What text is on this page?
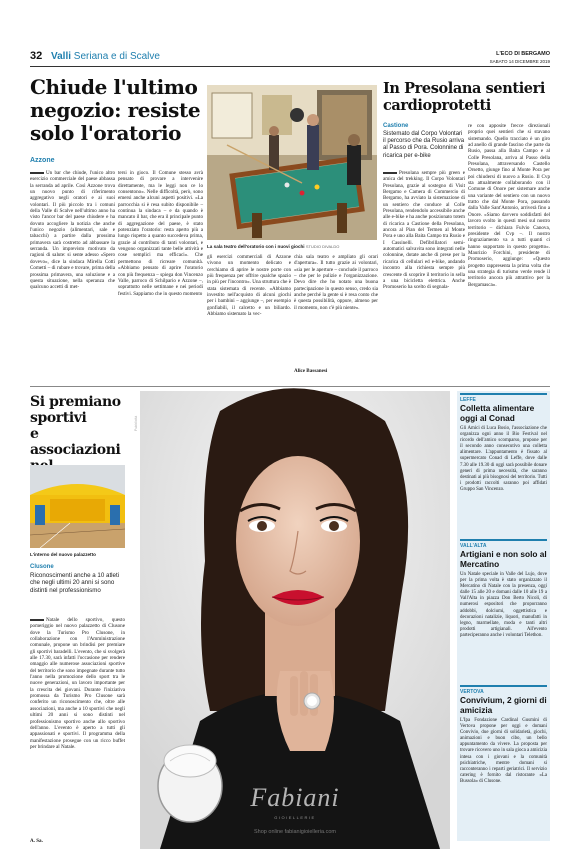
32 Valli Seriana e di Scalve	L'ECO DI BERGAMO
SABATO 14 DICEMBRE 2019
Chiude l'ultimo
negozio: resiste
solo l'oratorio
Azzone
Un bar che chiude, l'unico altro esercizio commerciale del paese abbassa la serranda ad aprile. Così Azzone trova un nuovo punto di riferimento aggregativo negli oratori e ai suoi volontari. Il più piccolo tra i comuni della Valle di Scalve nell'ultimo anno ha visto l'ancor bar del paese chiudere e ha dovuto accogliere la notizia che anche l'unico negozio (alimentari, sale e tabacchi) a partire dalla prossima primavera sarà costretto ad abbassare la serranda. Un imprevisto motivato da ragioni di salute: si sente adesso «Spero dovevo», dice la sindaca Mirella Cotti Cometti – di rubare e trovare, prima della prossima primavera, una soluzione e a questa situazione, nella speranza che qualcuno accetti di met-
tersi in gioco. Il Comune stesso avrà pensato di provare a intervenire direttamente, ma le leggi non ce lo consentono». Nelle difficoltà, però, sono emersi anche alcuni aspetti positivi. «La parrocchia si è resa subito disponibile – continua la sindaca – e da quando è mancato il bar, che era il principale punto di aggregazione del paese, è stato potenziato l'oratorio: resta aperto più a lungo rispetto a quanto succedeva prima, grazie al contributo di tanti volontari, e vengono organizzati tante belle attività e cose semplici ma efficaci». Che permettono di ricreare comunità. «Abbiamo pensato di aprire l'oratorio con più frequenza – spiega don Vincenzo Valle, parroco di Schilpario e Azzone –, soprattutto nelle settimane e nei periodi festivi. Sappiamo che in questo momento
La sala teatro dell'oratorio con i nuovi giochi STUDIO DIVALDO
gli esercizi commerciali di Azzone vivono un momento delicato e cerchiamo di aprire le nostre porte con più frequenza per offrire qualche spazio in più per l'incontro». Una struttura che è stata sistemata di recente. «Abbiamo investito nell'acquisto di alcuni giochi per i bambini – aggiunge –, per esempio gonfiabili, il calcetto e un biliardo. Abbiamo sistemato la vec-
chia sala teatro e ampliato gli orari d'apertura». Il tutto grazie ai volontari, «sia per le aperture – conclude il parroco – che per le pulizie e l'organizzazione. Devo dire che ho notato una buona partecipazione in questo senso, credo sia anche perché la gente si è resa conto che è questa possibilità, oppure, almeno per il momento, non c'è più niente».
Alice Bassanesi
In Presolana sentieri
cardioprotetti
Castione
Sistemato dal Corpo Volontari il percorso che da Rusio arriva al Passo di Pora. Colonnine di ricarica per e-bike
Presolana sempre più green e amica del trekking. Il Corpo Volontari Presolana, grazie al sostegno di Visit Bergamo e Camera di Commercio di Bergamo, ha avviato la sistemazione di un sentiero che conduce al Colle Presolana, rendendolo accessibile anche alle e-bike e ha anche posizionato totem di ricarica a Castione della Presolana, ancora al Pian del Termen al Monte Pora e uno alla Baita Campo tra Rusio e I Cassinelli. Defibrillatori semi-automatici salvavita sono integrati nelle colonnine, dotate anche di prese per la ricarica di cellulari ed e-bike, andando incontro alla richiesta sempre più crescente di scoprire il territorio in sella a una bicicletta elettrica. Anche Promoserio ha scelto di segnala-
re con apposite frecce direzionali proprio quei sentieri che si stavano sistemando. Quello tracciato è un giro ad anello di grande fascino che parte da Rusio, passa alla Baita Campo e al Colle Presolana, arriva al Passo della Presolana, attraversando Castello Orsetto, giunge fino al Monte Pora per poi chiudersi di nuovo a Rusio. Il Cvp sta attualmente collaborando con il Comune di Onore per sistemare anche una variante del sentiero con un nuovo tratto che dal Monte Pora, passando dalla Valle Sant'Antonio, arriverà fino a Onore. «Siamo davvero soddisfatti del lavoro svolto in questi mesi sul nostro territorio – dichiara Fulvio Canova, presidente del Cvp –. Il nostro ringraziamento va a tutti quanti ci hanno supportato in questo progetto». Maurizio Forchini, presidente di Promoserio, aggiunge: «Questo progetto rappresenta la prima volta che una strategia di turismo verde rende il territorio ancora più attrattivo per la Bergamasca».
Si premiano
sportivi
e associazioni
L'interno del nuovo palazzetto
Clusone
Riconoscimenti anche a 10 atleti che negli ultimi 20 anni si sono distinti nel professionismo
Natale dello sportivo, questo pomeriggio nel nuovo palazzetto di Clusone dove la Turismo Pro Clusone, in collaborazione con l'Amministrazione comunale, propone un brindisi per premiare gli sportivi baradelli. L'evento, che si svolgerà alle 17.30, sarà infatti l'occasione per rendere omaggio alle numerose associazioni sportive del territorio che sono impegnate durante tutto l'anno nella promozione dello sport tra le nuove generazioni, un lavoro importante per la crescita dei giovani. Durante l'iniziativa promossa da Turismo Pro Clusone sarà conferito un riconoscimento che, oltre alle associazioni, ma anche a 10 sportivi che negli ultimi 20 anni si sono distinti nel professionismo sportivo anche allo sportivo dell'anno. L'evento è aperto a tutti gli appassionati e sportivi. Il programma della manifestazione prosegue con un ricco buffet per brindare al Natale.
A. Sa.
Fabiani
GIOIELLERIE
Shop online fabianigioielleria.com
Pubblicità
LEFFE
Colletta alimentare oggi al Conad
Gli Amici di Luca Bosio, l'associazione che organizza ogni anno il Bio Festival nel ricordo dell'amico scomparso, propone per il secondo anno consecutivo una colletta alimentare. L'appuntamento è fissato al supermercato Conad di Leffe, dove dalle 7.30 alle 19.30 di oggi sarà possibile donare generi di prima necessità, che saranno destinati ai più bisognosi del territorio. Tutti i prodotti raccolti saranno poi affidati Gruppo San Vincenzo.
VALL'ALTA
Artigiani e non solo al Mercatino
Un Natale speciale in Valle del Lujo, dove per la prima volta è stato organizzato il Mercatino di Natale con la presenza, oggi dalle 15 alle 20 e domani dalle 10 alle 19 a Vall'Alta in piazza Don Berto Nicoli, di numerosi espositori che proporranno addobbi, dolciumi, oggettistica e decorazioni natalizie, liquori, manufatti in legno, marmellate, moda e tanti altri prodotti artigianali. All'evento parteciperanno anche i volontari Telethon.
VERTOVA
Convivium, 2 giorni di amicizia
L'Ipa Fondazione Cardinal Gusmini di Vertova propone per oggi e domani Convivio, due giorni di solidarietà, giochi, animazioni e buon cibo, un bello appuntamento da vivere. La proposta per trovare ricovero uno in sala gioca a amicizia intesa con i giovani e la comunità psichiatriche, mentre domani si racconteranno i reparti geriatrici. Il servizio catering è fornito dal ristorante «La Bussola» di Clusone.
